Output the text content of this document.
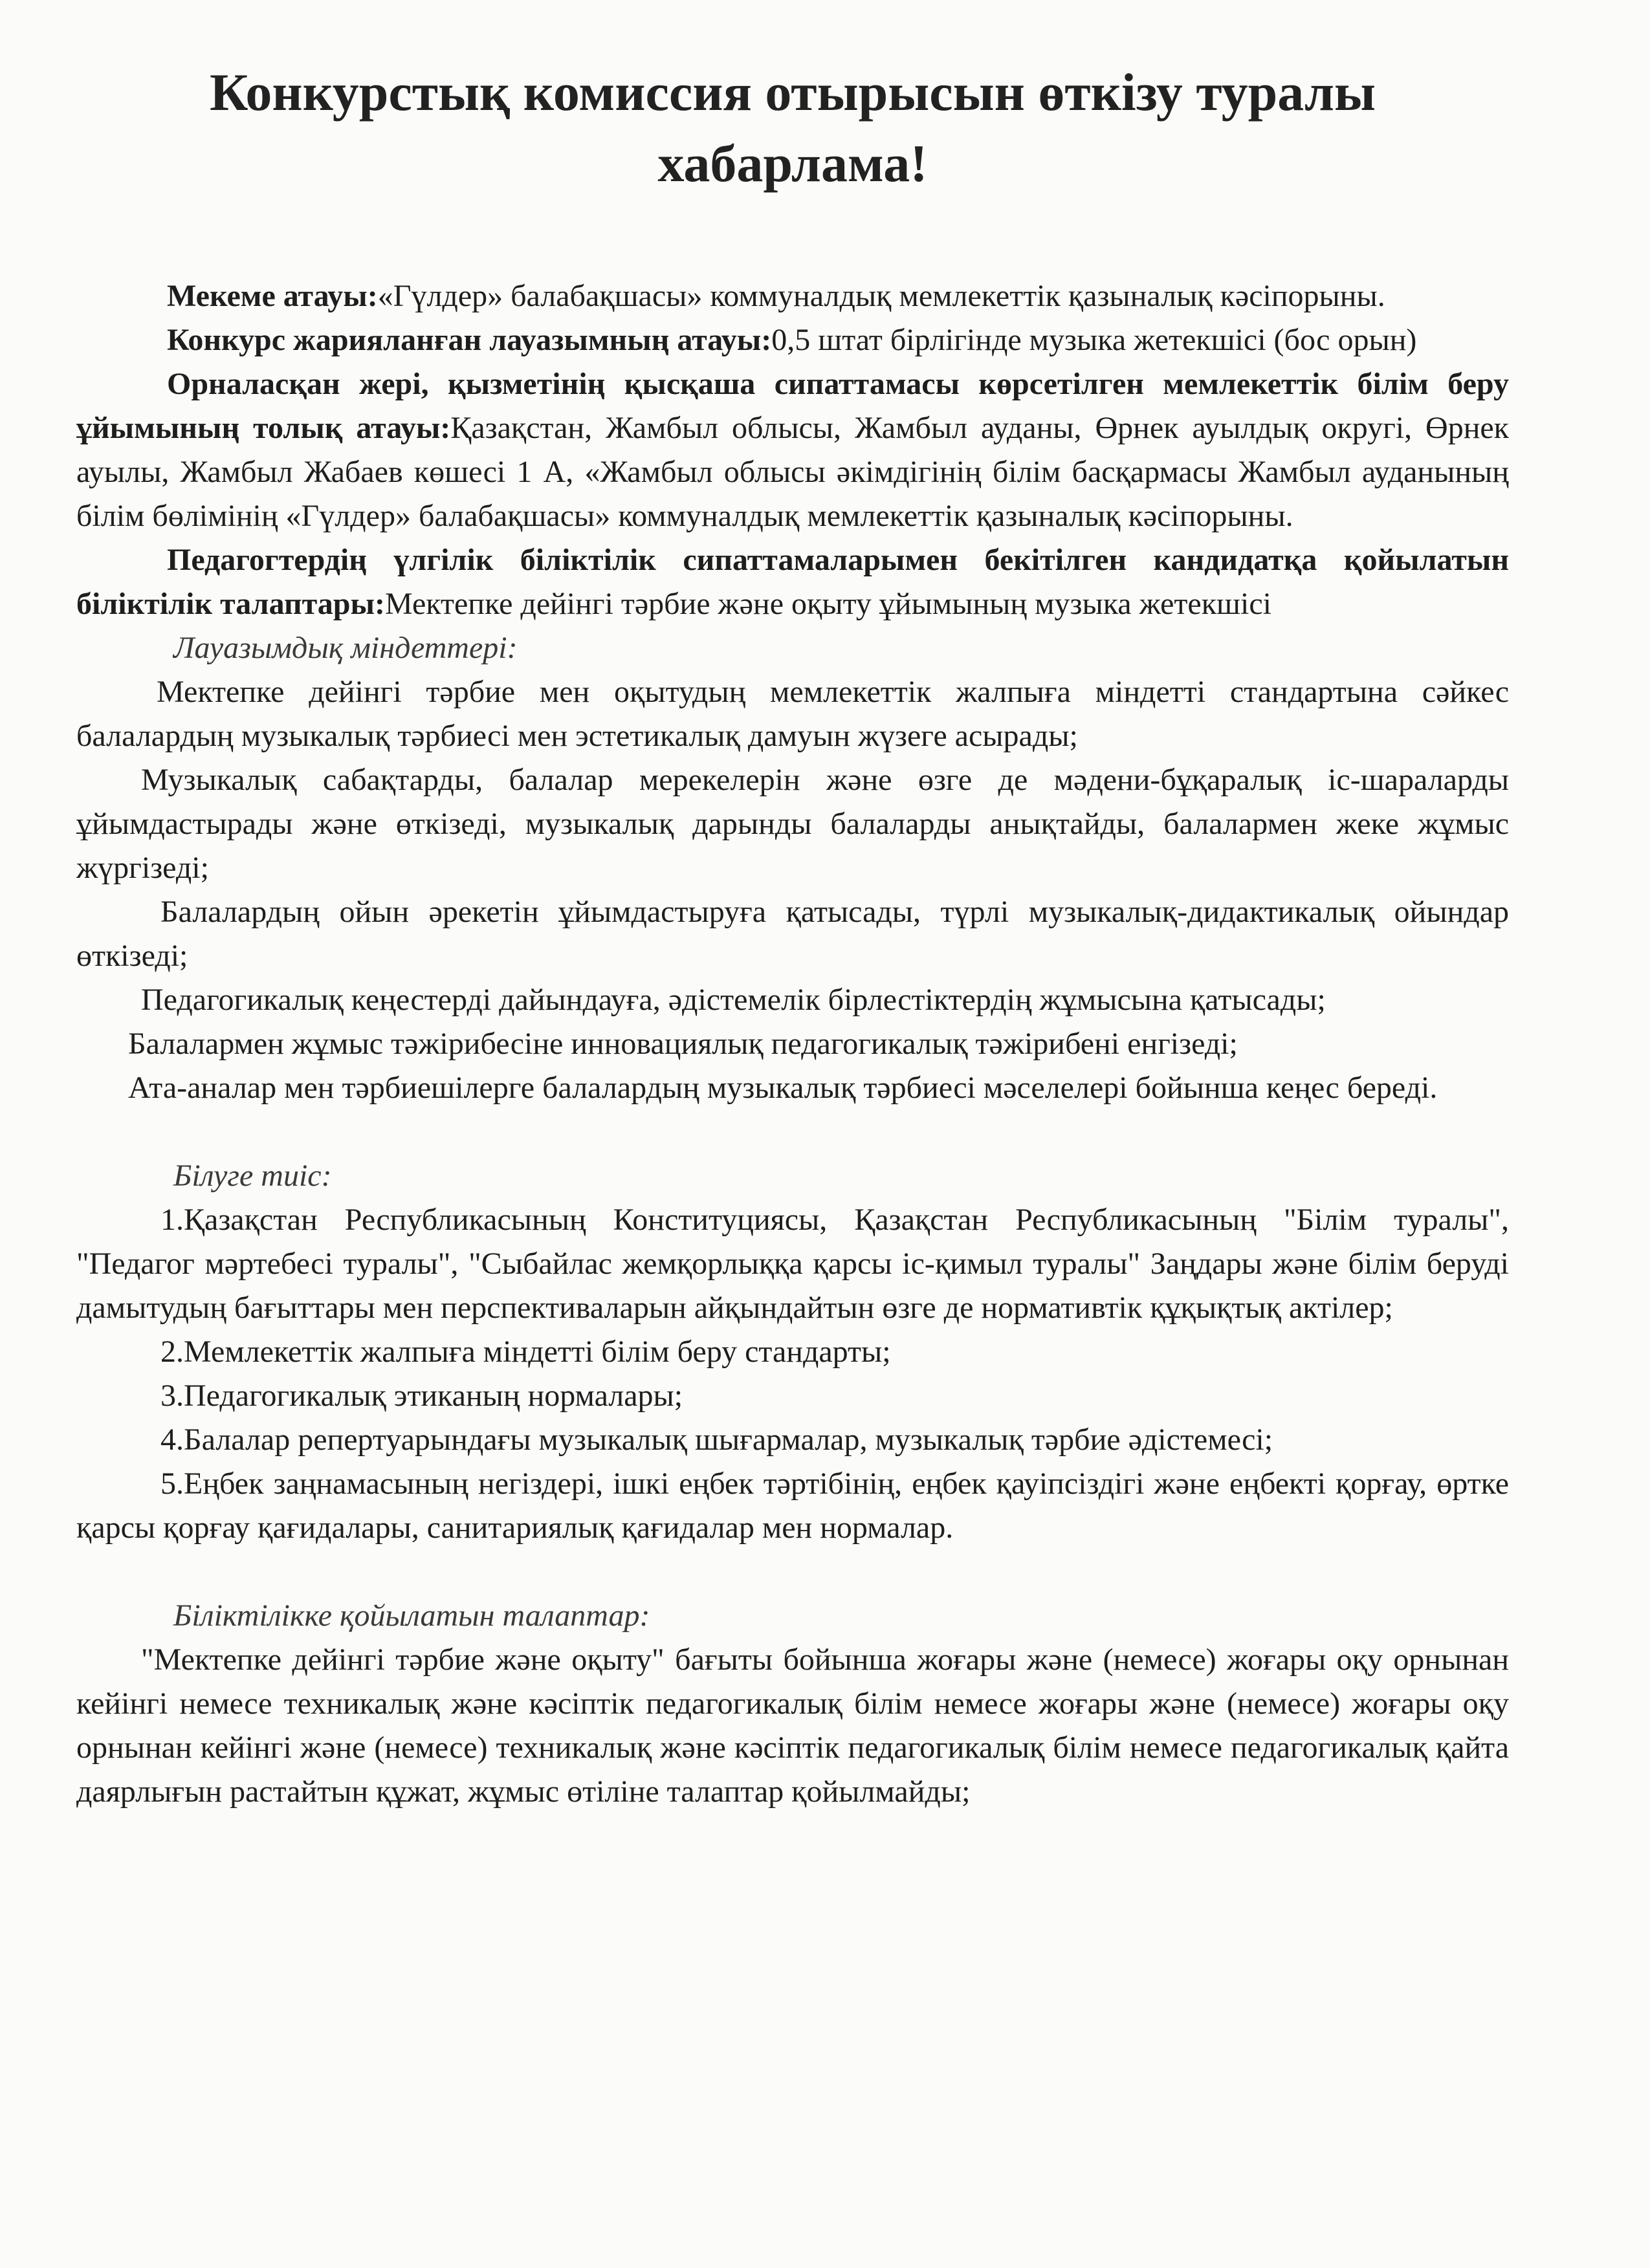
Конкурстық комиссия отырысын өткізу туралы хабарлама!

Мекеме атауы:«Гүлдер» балабақшасы» коммуналдық мемлекеттік қазыналық кәсіпорыны.

Конкурс жарияланған лауазымның атауы:0,5 штат бірлігінде музыка жетекшісі (бос орын)

Орналасқан жері, қызметінің қысқаша сипаттамасы көрсетілген мемлекеттік білім беру ұйымының толық атауы:Қазақстан, Жамбыл облысы, Жамбыл ауданы, Өрнек ауылдық округі, Өрнек ауылы, Жамбыл Жабаев көшесі 1 А, «Жамбыл облысы әкімдігінің білім басқармасы Жамбыл ауданының білім бөлімінің «Гүлдер» балабақшасы» коммуналдық мемлекеттік қазыналық кәсіпорыны.

Педагогтердің үлгілік біліктілік сипаттамаларымен бекітілген кандидатқа қойылатын біліктілік талаптары:Мектепке дейінгі тәрбие және оқыту ұйымының музыка жетекшісі

Лауазымдық міндеттері:

Мектепке дейінгі тәрбие мен оқытудың мемлекеттік жалпыға міндетті стандартына сәйкес балалардың музыкалық тәрбиесі мен эстетикалық дамуын жүзеге асырады;

Музыкалық сабақтарды, балалар мерекелерін және өзге де мәдени-бұқаралық іс-шараларды ұйымдастырады және өткізеді, музыкалық дарынды балаларды анықтайды, балалармен жеке жұмыс жүргізеді;

Балалардың ойын әрекетін ұйымдастыруға қатысады, түрлі музыкалық-дидактикалық ойындар өткізеді;

Педагогикалық кеңестерді дайындауға, әдістемелік бірлестіктердің жұмысына қатысады;

Балалармен жұмыс тәжірибесіне инновациялық педагогикалық тәжірибені енгізеді;

Ата-аналар мен тәрбиешілерге балалардың музыкалық тәрбиесі мәселелері бойынша кеңес береді.

Білуге тиіс:

1.Қазақстан Республикасының Конституциясы, Қазақстан Республикасының "Білім туралы", "Педагог мәртебесі туралы", "Сыбайлас жемқорлыққа қарсы іс-қимыл туралы" Заңдары және білім беруді дамытудың бағыттары мен перспективаларын айқындайтын өзге де нормативтік құқықтық актілер;

2.Мемлекеттік жалпыға міндетті білім беру стандарты;

3.Педагогикалық этиканың нормалары;

4.Балалар репертуарындағы музыкалық шығармалар, музыкалық тәрбие әдістемесі;

5.Еңбек заңнамасының негіздері, ішкі еңбек тәртібінің, еңбек қауіпсіздігі және еңбекті қорғау, өртке қарсы қорғау қағидалары, санитариялық қағидалар мен нормалар.

Біліктілікке қойылатын талаптар:

"Мектепке дейінгі тәрбие және оқыту" бағыты бойынша жоғары және (немесе) жоғары оқу орнынан кейінгі немесе техникалық және кәсіптік педагогикалық білім немесе жоғары және (немесе) жоғары оқу орнынан кейінгі және (немесе) техникалық және кәсіптік педагогикалық білім немесе педагогикалық қайта даярлығын растайтын құжат, жұмыс өтіліне талаптар қойылмайды;
